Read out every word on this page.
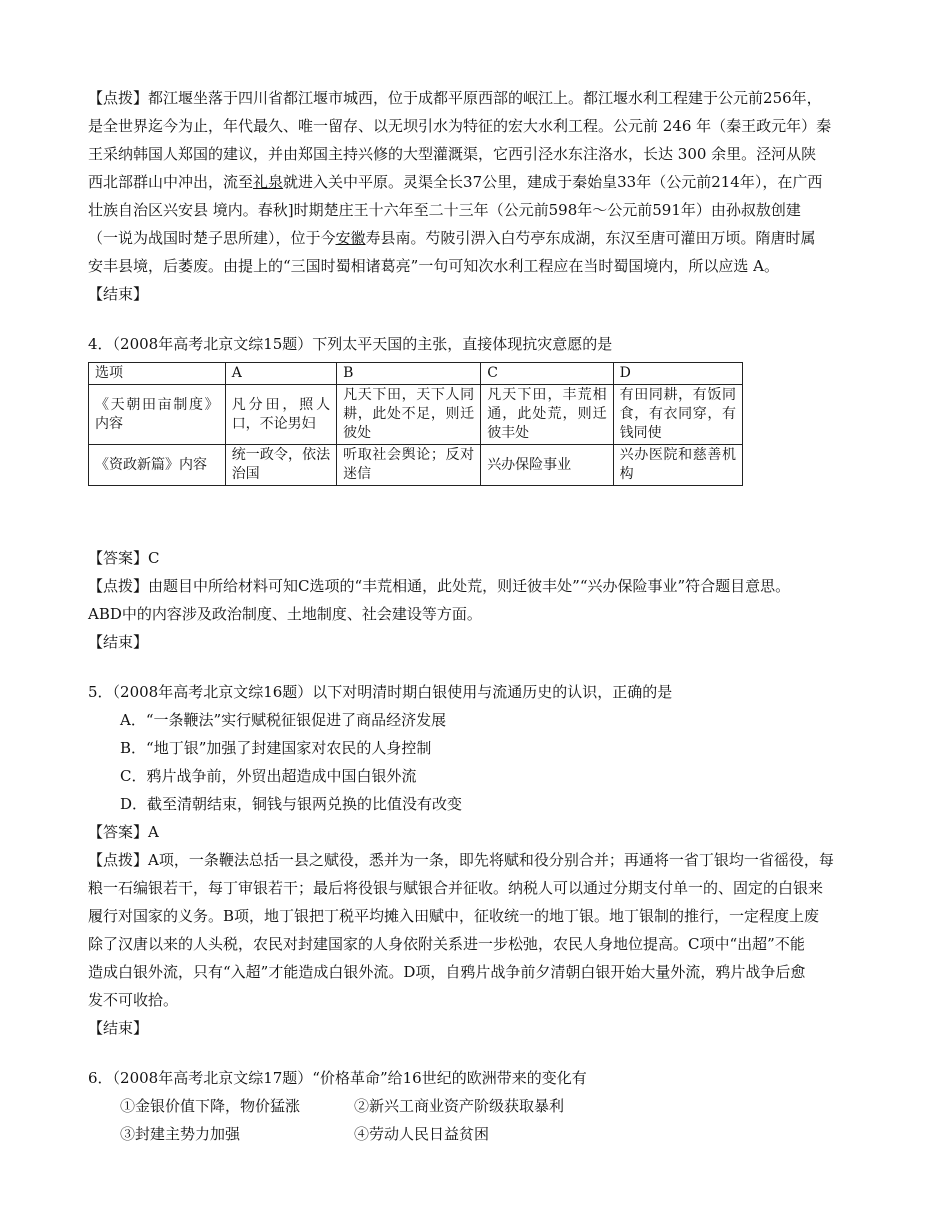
【点拨】都江堰坐落于四川省都江堰市城西，位于成都平原西部的岷江上。都江堰水利工程建于公元前256年，

是全世界迄今为止，年代最久、唯一留存、以无坝引水为特征的宏大水利工程。公元前 246 年（秦王政元年）秦

王采纳韩国人郑国的建议，并由郑国主持兴修的大型灌溉渠，它西引泾水东注洛水，长达 300 余里。泾河从陕

西北部群山中冲出，流至礼泉就进入关中平原。灵渠全长37公里，建成于秦始皇33年（公元前214年），在广西

壮族自治区兴安县 境内。春秋]时期楚庄王十六年至二十三年（公元前598年～公元前591年）由孙叔敖创建

（一说为战国时楚子思所建），位于今安徽寿县南。芍陂引淠入白芍亭东成湖，东汉至唐可灌田万顷。隋唐时属

安丰县境，后萎废。由提上的“三国时蜀相诸葛亮”一句可知次水利工程应在当时蜀国境内，所以应选 A。

【结束】

4．（2008年高考北京文综15题）下列太平天国的主张，直接体现抗灾意愿的是

选项	A	B	C	D
《天朝田亩制度》内容	凡分田，照人口，不论男妇	凡天下田，天下人同耕，此处不足，则迁彼处	凡天下田，丰荒相通，此处荒，则迁彼丰处	有田同耕，有饭同食，有衣同穿，有钱同使
《资政新篇》内容	统一政令，依法治国	听取社会舆论；反对迷信	兴办保险事业	兴办医院和慈善机构

【答案】C

【点拨】由题目中所给材料可知C选项的“丰荒相通，此处荒，则迁彼丰处”“兴办保险事业”符合题目意思。

ABD中的内容涉及政治制度、土地制度、社会建设等方面。

【结束】

5．（2008年高考北京文综16题）以下对明清时期白银使用与流通历史的认识，正确的是

A．“一条鞭法”实行赋税征银促进了商品经济发展

B．“地丁银”加强了封建国家对农民的人身控制

C．鸦片战争前，外贸出超造成中国白银外流

D．截至清朝结束，铜钱与银两兑换的比值没有改变

【答案】A

【点拨】A项，一条鞭法总括一县之赋役，悉并为一条，即先将赋和役分别合并；再通将一省丁银均一省徭役，每

粮一石编银若干，每丁审银若干；最后将役银与赋银合并征收。纳税人可以通过分期支付单一的、固定的白银来

履行对国家的义务。B项，地丁银把丁税平均摊入田赋中，征收统一的地丁银。地丁银制的推行，一定程度上废

除了汉唐以来的人头税，农民对封建国家的人身依附关系进一步松弛，农民人身地位提高。C项中“出超”不能

造成白银外流，只有“入超”才能造成白银外流。D项，自鸦片战争前夕清朝白银开始大量外流，鸦片战争后愈

发不可收拾。

【结束】

6．（2008年高考北京文综17题）“价格革命”给16世纪的欧洲带来的变化有

①金银价值下降，物价猛涨	②新兴工商业资产阶级获取暴利

③封建主势力加强	④劳动人民日益贫困
